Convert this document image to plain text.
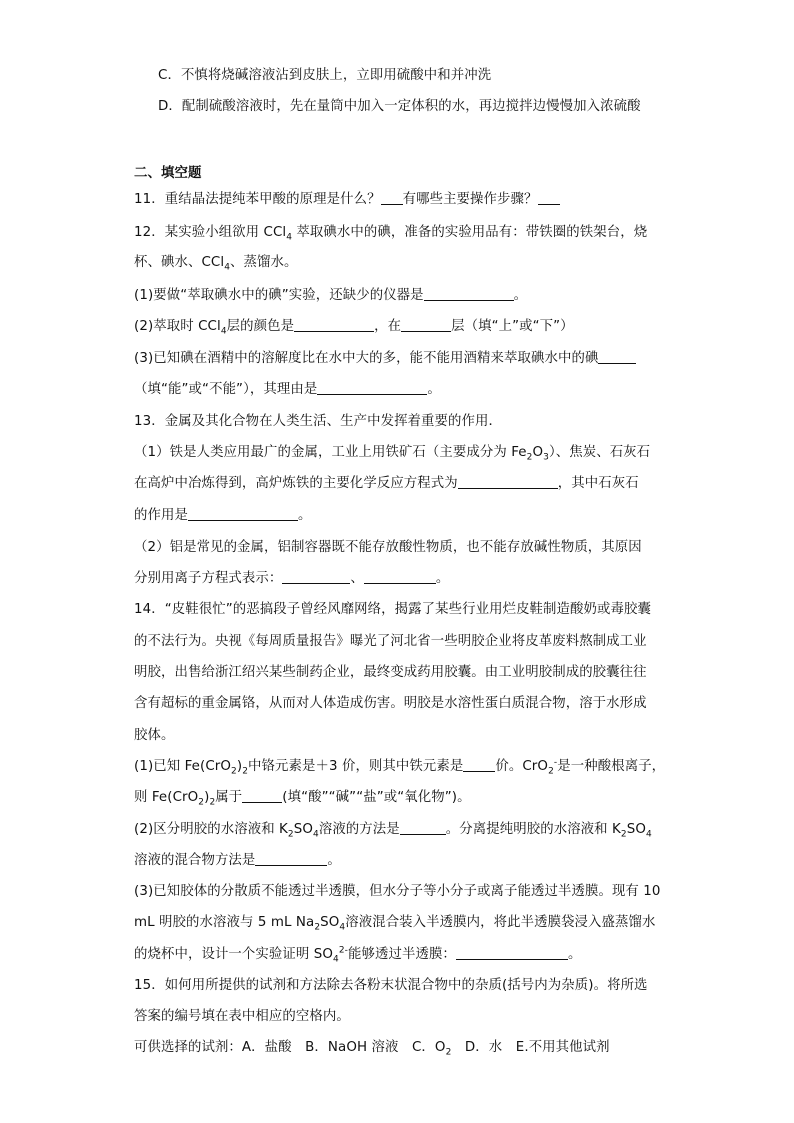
C．不慎将烧碱溶液沾到皮肤上，立即用硫酸中和并冲洗
D．配制硫酸溶液时，先在量筒中加入一定体积的水，再边搅拌边慢慢加入浓硫酸
二、填空题
11．重结晶法提纯苯甲酸的原理是什么？ 有哪些主要操作步骤？
12．某实验小组欲用 CCl$_4$ 萃取碘水中的碘，准备的实验用品有：带铁圈的铁架台，烧
杯、碘水、CCl$_4$、蒸馏水。
(1)要做“萃取碘水中的碘”实验，还缺少的仪器是	。
(2)萃取时 CCl$_4$层的颜色是	，在	层（填“上”或“下”）
(3)已知碘在酒精中的溶解度比在水中大的多，能不能用酒精来萃取碘水中的碘
（填“能”或“不能”），其理由是	。
13．金属及其化合物在人类生活、生产中发挥着重要的作用．
（1）铁是人类应用最广的金属，工业上用铁矿石（主要成分为 $Fe_2O_3$）、焦炭、石灰石
在高炉中冶炼得到，高炉炼铁的主要化学反应方程式为	，其中石灰石
的作用是	。
（2）铝是常见的金属，铝制容器既不能存放酸性物质，也不能存放碱性物质，其原因
分别用离子方程式表示：	、	。
14．“皮鞋很忙”的恶搞段子曾经风靡网络，揭露了某些行业用烂皮鞋制造酸奶或毒胶囊
的不法行为。央视《每周质量报告》曝光了河北省一些明胶企业将皮革废料熬制成工业
明胶，出售给浙江绍兴某些制药企业，最终变成药用胶囊。由工业明胶制成的胶囊往往
含有超标的重金属铬，从而对人体造成伤害。明胶是水溶性蛋白质混合物，溶于水形成
胶体。
(1)已知 $Fe(CrO_2)_2$中铬元素是＋3 价，则其中铁元素是 价。CrO$_2$-是一种酸根离子，
则 $Fe(CrO_2)_2$属于	(填“酸”“碱”“盐”或“氧化物”)。
(2)区分明胶的水溶液和 $K_2SO_4$溶液的方法是	。分离提纯明胶的水溶液和 $K_2SO_4$
溶液的混合物方法是	。
(3)已知胶体的分散质不能透过半透膜，但水分子等小分子或离子能透过半透膜。现有 10
mL 明胶的水溶液与 5 mL $Na_2SO_4$溶液混合装入半透膜内，将此半透膜袋浸入盛蒸馏水
的烧杯中，设计一个实验证明 $SO_4^{2-}$能够透过半透膜：	。
15．如何用所提供的试剂和方法除去各粉末状混合物中的杂质(括号内为杂质)。将所选
答案的编号填在表中相应的空格内。
可供选择的试剂：A．盐酸　B．NaOH 溶液　C．$O_2$　D．水　E.不用其他试剂
